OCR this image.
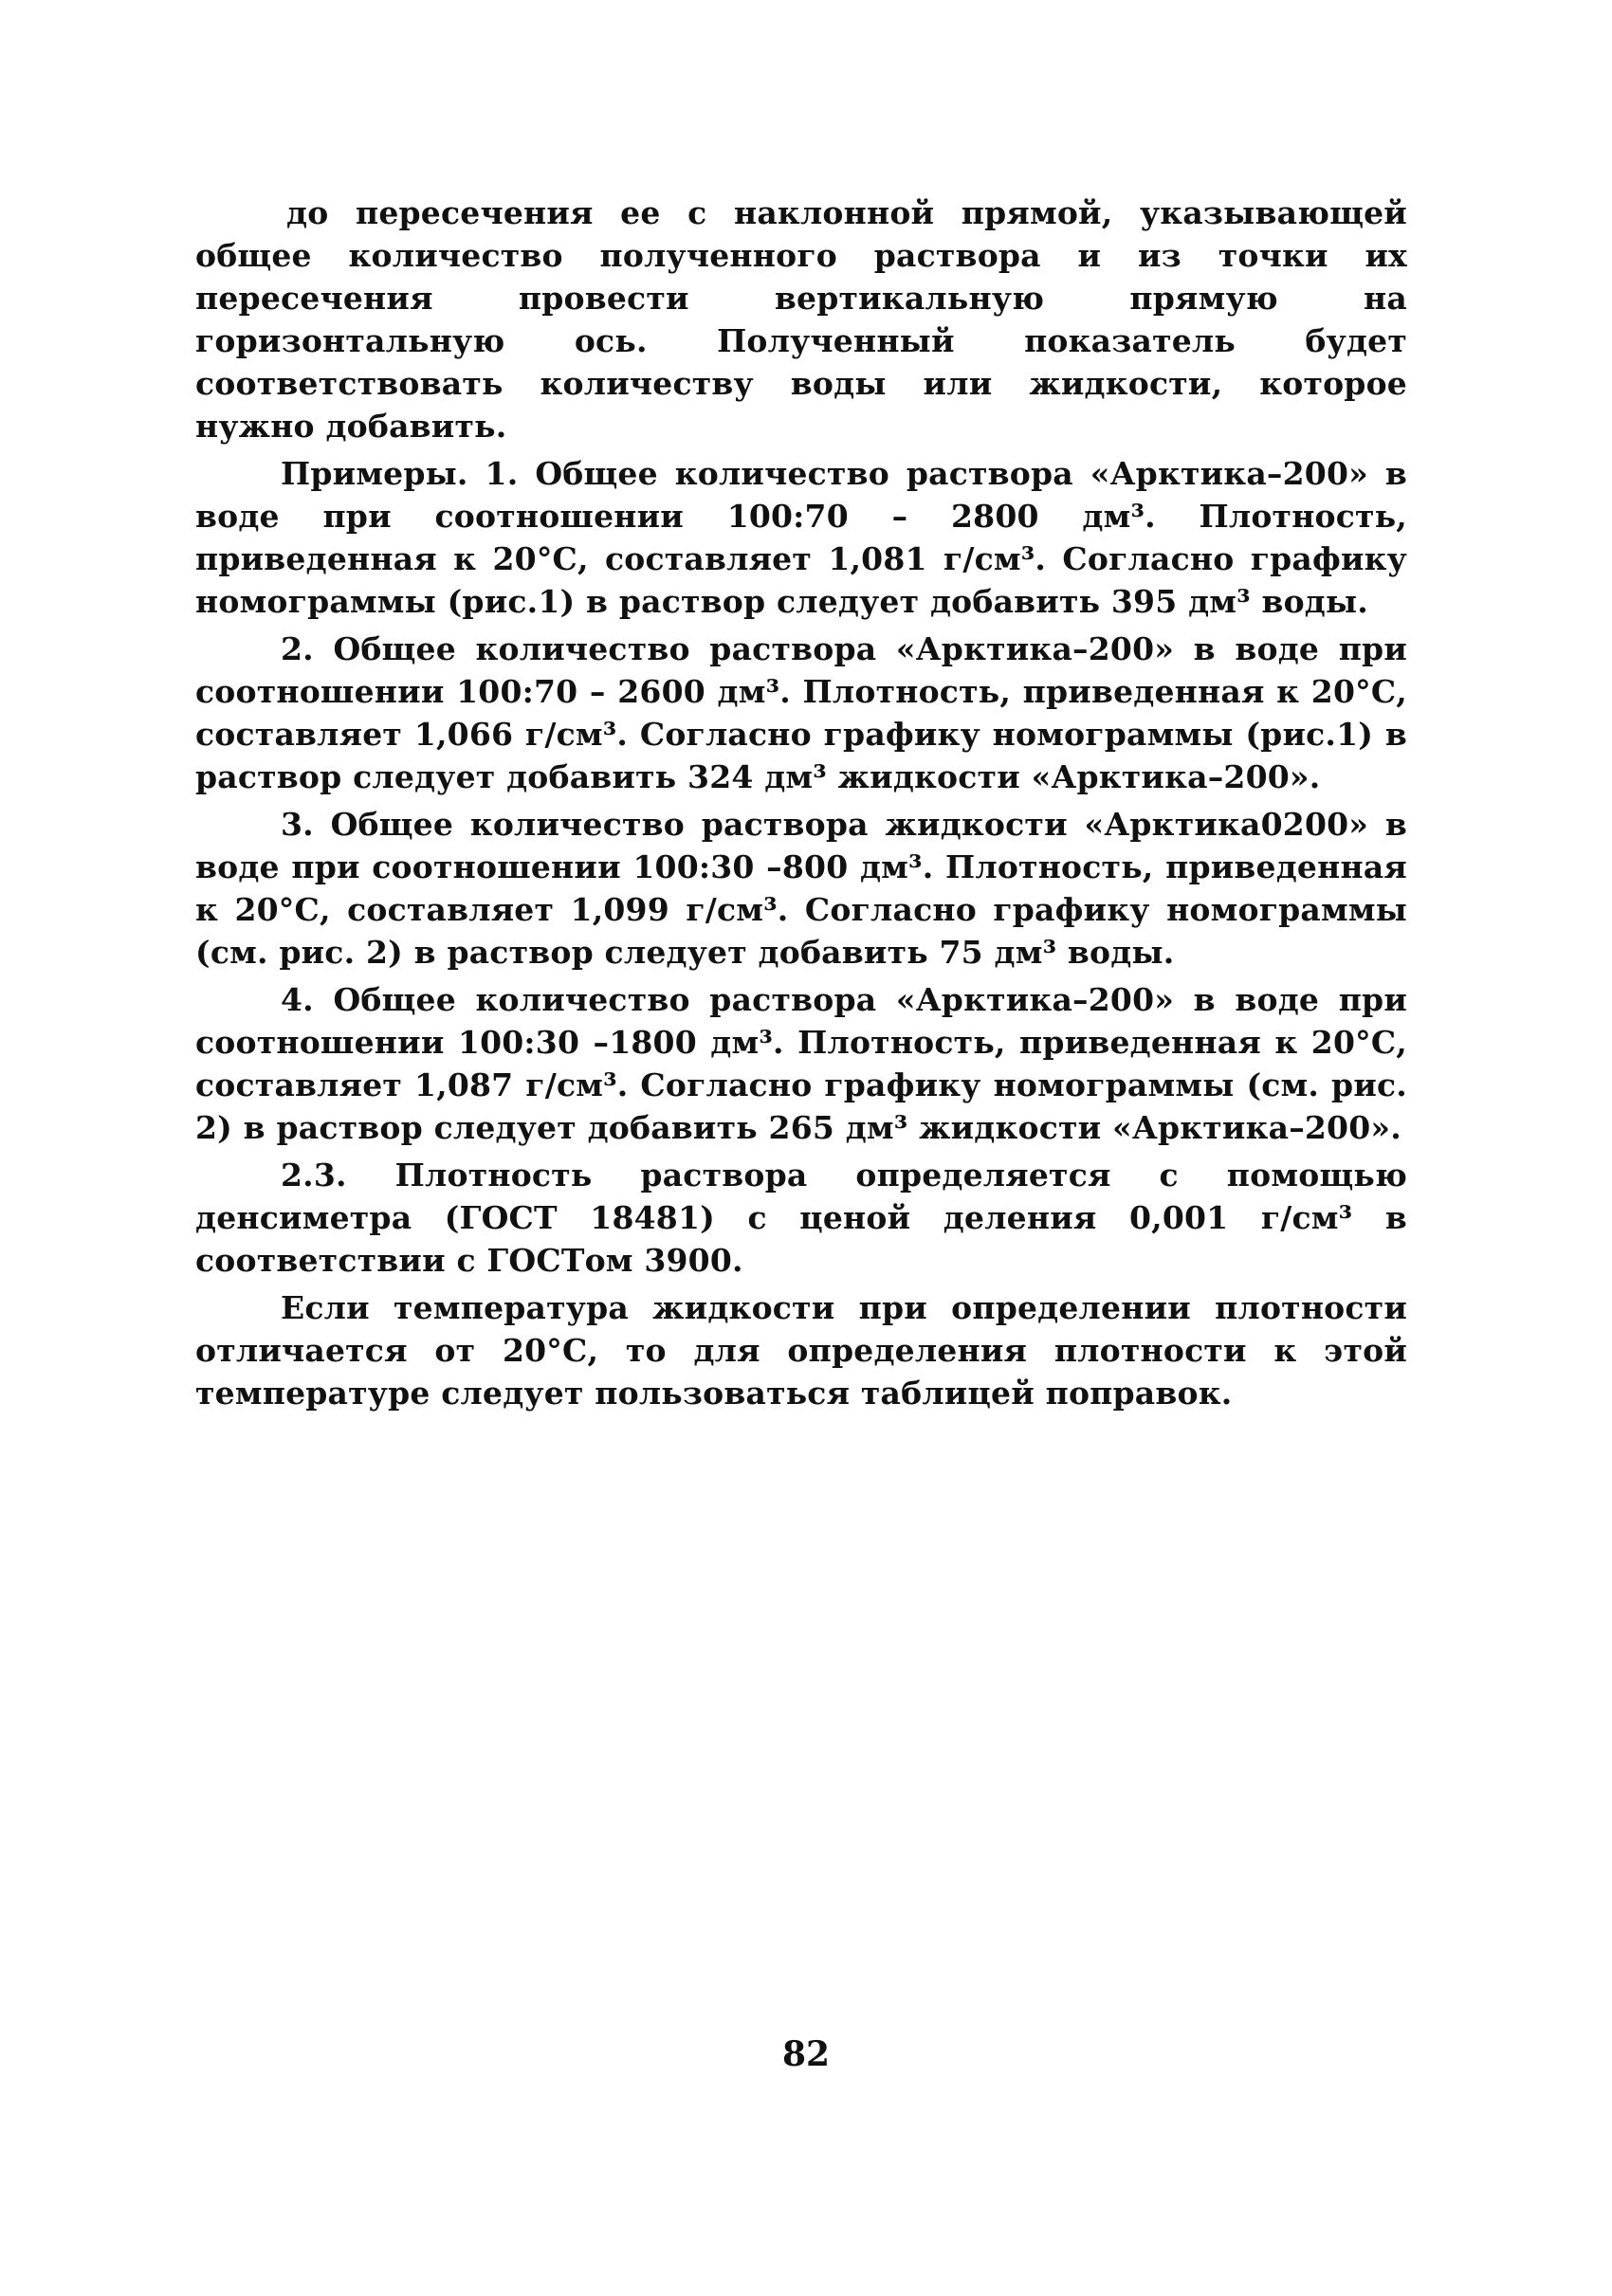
до пересечения ее с наклонной прямой, указывающей общее количество полученного раствора и из точки их пересечения провести вертикальную прямую на горизонтальную ось. Полученный показатель будет соответствовать количеству воды или жидкости, которое нужно добавить.

Примеры. 1. Общее количество раствора «Арктика–200» в воде при соотношении 100:70 – 2800 дм³. Плотность, приведенная к 20°С, составляет 1,081 г/см³. Согласно графику номограммы (рис.1) в раствор следует добавить 395 дм³ воды.

2. Общее количество раствора «Арктика–200» в воде при соотношении 100:70 – 2600 дм³. Плотность, приведенная к 20°С, составляет 1,066 г/см³. Согласно графику номограммы (рис.1) в раствор следует добавить 324 дм³ жидкости «Арктика–200».

3. Общее количество раствора жидкости «Арктика0200» в воде при соотношении 100:30 –800 дм³. Плотность, приведенная к 20°С, составляет 1,099 г/см³. Согласно графику номограммы (см. рис. 2) в раствор следует добавить 75 дм³ воды.

4. Общее количество раствора «Арктика–200» в воде при соотношении 100:30 –1800 дм³. Плотность, приведенная к 20°С, составляет 1,087 г/см³. Согласно графику номограммы (см. рис. 2) в раствор следует добавить 265 дм³ жидкости «Арктика–200».

2.3. Плотность раствора определяется с помощью денсиметра (ГОСТ 18481) с ценой деления 0,001 г/см³ в соответствии с ГОСТом 3900.

Если температура жидкости при определении плотности отличается от 20°С, то для определения плотности к этой температуре следует пользоваться таблицей поправок.

82
